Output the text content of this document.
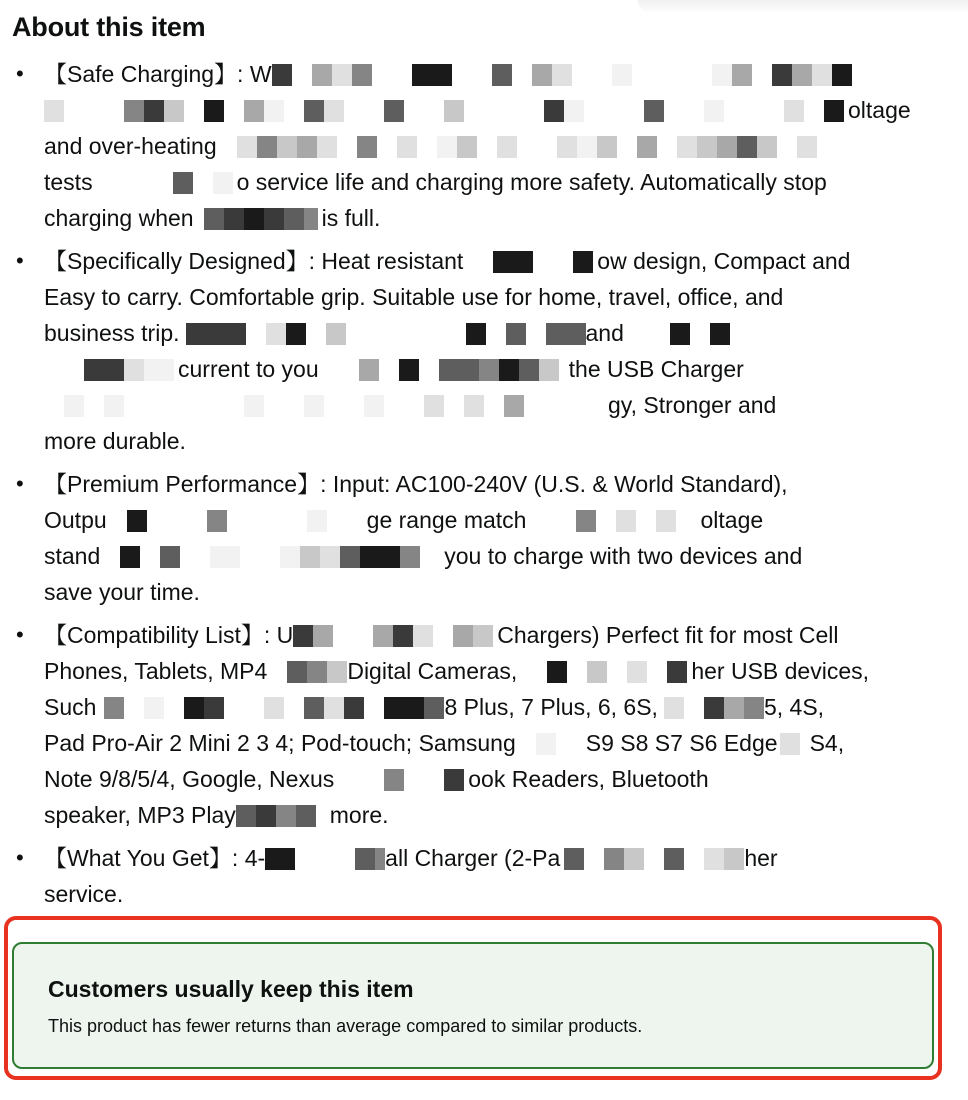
About this item
• 【Safe Charging】: W
oltage
and over-heating
tests	o service life and charging more safety. Automatically stop
charging when	is full.
• 【Specifically Designed】: Heat resistant	ow design, Compact and
Easy to carry. Comfortable grip. Suitable use for home, travel, office, and
business trip.	and
current to you	the USB Charger
gy, Stronger and
more durable.
• 【Premium Performance】: Input: AC100-240V (U.S. & World Standard),
Outpu	ge range match	oltage
stand	you to charge with two devices and
save your time.
• 【Compatibility List】: U	Chargers) Perfect fit for most Cell
Phones, Tablets, MP4	Digital Cameras,	her USB devices,
Such	8 Plus, 7 Plus, 6, 6S,	5, 4S,
Pad Pro-Air 2 Mini 2 3 4; Pod-touch; Samsung	S9 S8 S7 S6 Edge S4,
Note 9/8/5/4, Google, Nexus	ook Readers, Bluetooth
speaker, MP3 Play	more.
• 【What You Get】: 4-	all Charger (2-Pa	her
service.
Customers usually keep this item
This product has fewer returns than average compared to similar products.
